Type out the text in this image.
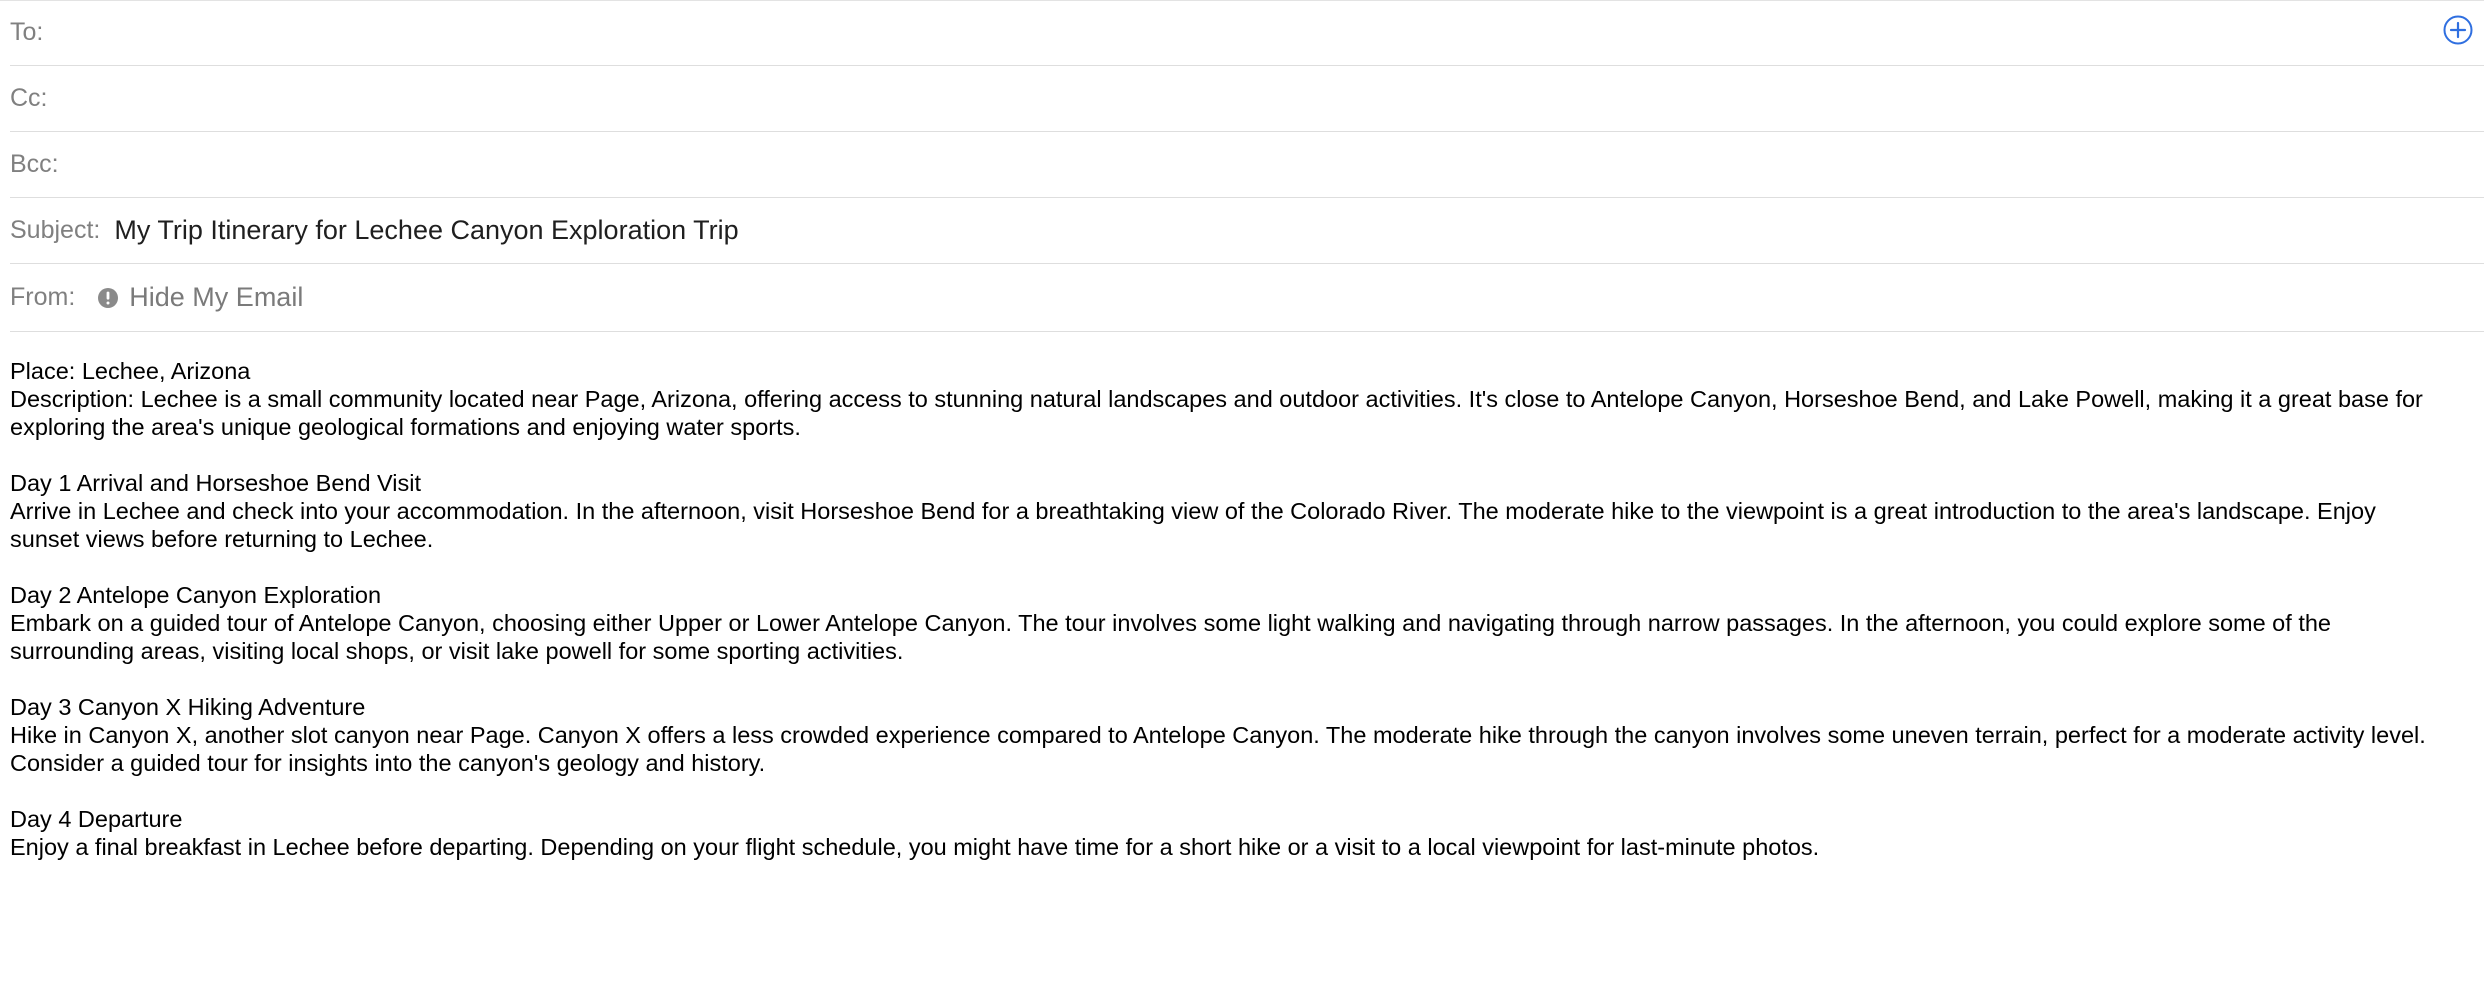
To:
Cc:
Bcc:
Subject: My Trip Itinerary for Lechee Canyon Exploration Trip
From: Hide My Email

Place: Lechee, Arizona

Description: Lechee is a small community located near Page, Arizona, offering access to stunning natural landscapes and outdoor activities. It's close to Antelope Canyon, Horseshoe Bend, and Lake Powell, making it a great base for exploring the area's unique geological formations and enjoying water sports.

Day 1 Arrival and Horseshoe Bend Visit

Arrive in Lechee and check into your accommodation. In the afternoon, visit Horseshoe Bend for a breathtaking view of the Colorado River. The moderate hike to the viewpoint is a great introduction to the area's landscape. Enjoy sunset views before returning to Lechee.

Day 2 Antelope Canyon Exploration

Embark on a guided tour of Antelope Canyon, choosing either Upper or Lower Antelope Canyon. The tour involves some light walking and navigating through narrow passages. In the afternoon, you could explore some of the surrounding areas, visiting local shops, or visit lake powell for some sporting activities.

Day 3 Canyon X Hiking Adventure

Hike in Canyon X, another slot canyon near Page. Canyon X offers a less crowded experience compared to Antelope Canyon. The moderate hike through the canyon involves some uneven terrain, perfect for a moderate activity level. Consider a guided tour for insights into the canyon's geology and history.

Day 4 Departure

Enjoy a final breakfast in Lechee before departing. Depending on your flight schedule, you might have time for a short hike or a visit to a local viewpoint for last-minute photos.
